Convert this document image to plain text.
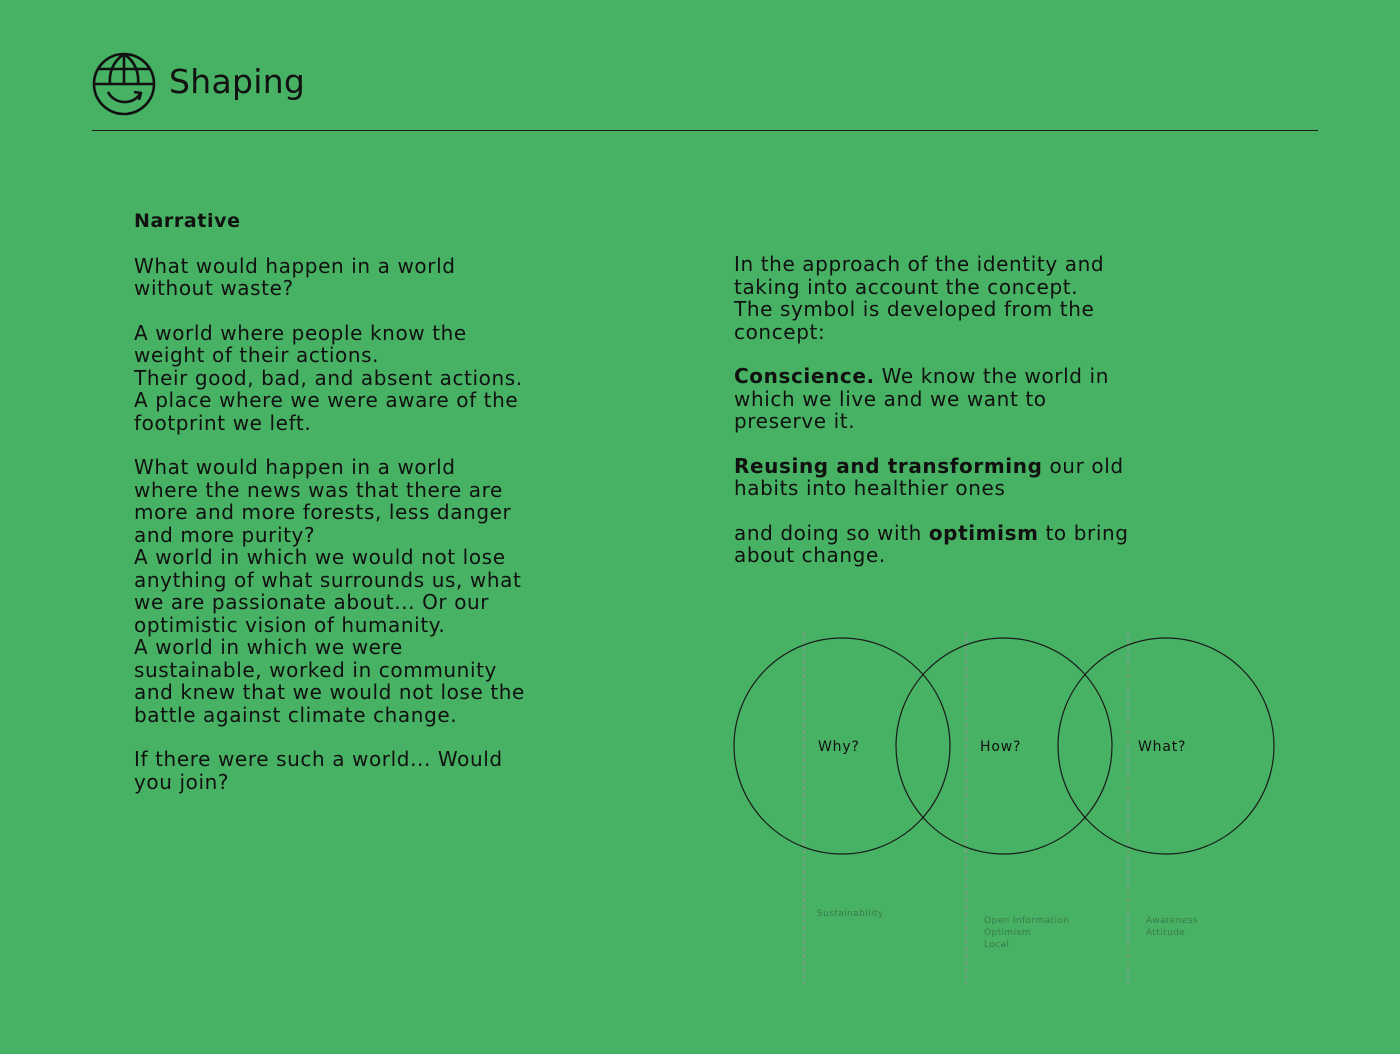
Shaping
Narrative

What would happen in a world
without waste?

A world where people know the
weight of their actions.
Their good, bad, and absent actions.
A place where we were aware of the
footprint we left.

What would happen in a world
where the news was that there are
more and more forests, less danger
and more purity?
A world in which we would not lose
anything of what surrounds us, what
we are passionate about... Or our
optimistic vision of humanity.
A world in which we were
sustainable, worked in community
and knew that we would not lose the
battle against climate change.

If there were such a world... Would
you join?

In the approach of the identity and
taking into account the concept.
The symbol is developed from the
concept:

Conscience. We know the world in
which we live and we want to
preserve it.

Reusing and transforming our old
habits into healthier ones

and doing so with optimism to bring
about change.

Why?	How?	What?
Sustainability
Open Information
Optimism
Local
Awareness
Attitude
